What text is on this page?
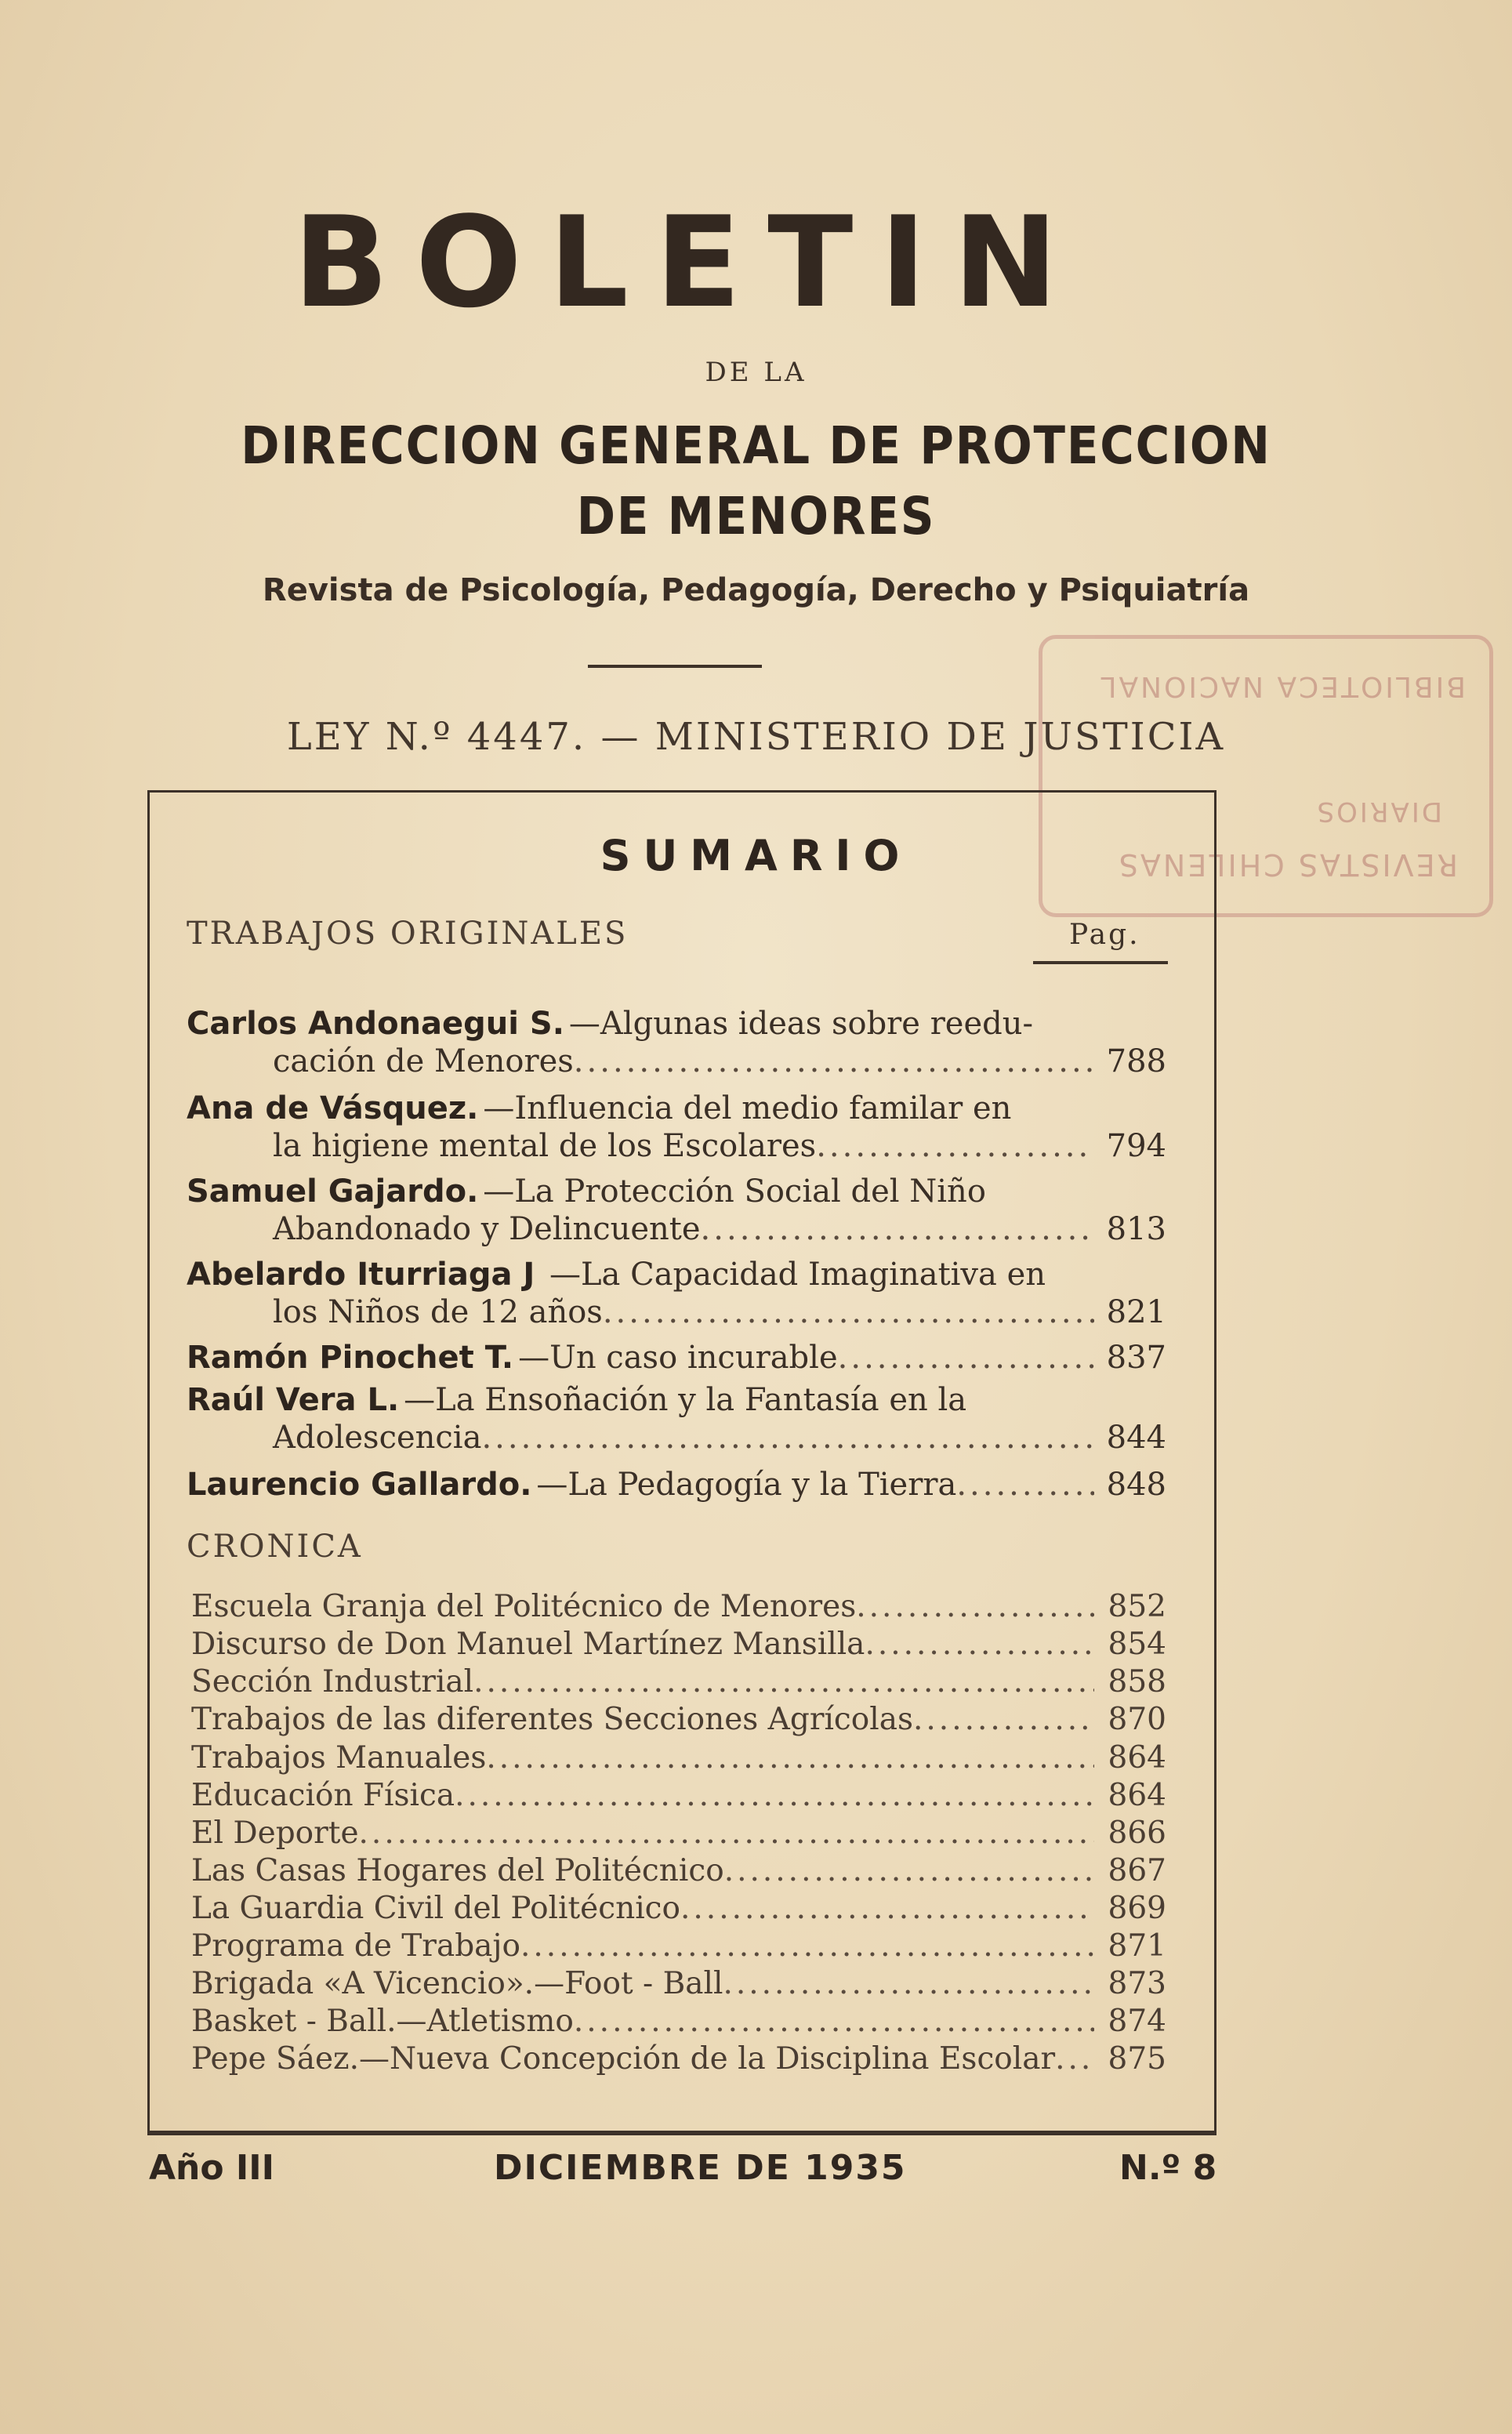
BOLETIN
DE LA
DIRECCION GENERAL DE PROTECCION
DE MENORES
Revista de Psicología, Pedagogía, Derecho y Psiquiatría
LEY N.º 4447. — MINISTERIO DE JUSTICIA
REVISTAS CHILENAS
DIARIOS
BIBLIOTECA NACIONAL
SUMARIO
TRABAJOS ORIGINALES	Pag.
Carlos Andonaegui S. —Algunas ideas sobre reedu-
cación de Menores .....	788
Ana de Vásquez. —Influencia del medio familar en
la higiene mental de los Escolares .....	794
Samuel Gajardo. —La Protección Social del Niño
Abandonado y Delincuente .....	813
Abelardo Iturriaga J —La Capacidad Imaginativa en
los Niños de 12 años .....	821
Ramón Pinochet T. —Un caso incurable .....	837
Raúl Vera L. —La Ensoñación y la Fantasía en la
Adolescencia .....	844
Laurencio Gallardo. —La Pedagogía y la Tierra .....	848
CRONICA
Escuela Granja del Politécnico de Menores .....	852
Discurso de Don Manuel Martínez Mansilla .....	854
Sección Industrial .....	858
Trabajos de las diferentes Secciones Agrícolas .....	870
Trabajos Manuales .....	864
Educación Física .....	864
El Deporte .....	866
Las Casas Hogares del Politécnico .....	867
La Guardia Civil del Politécnico .....	869
Programa de Trabajo .....	871
Brigada «A Vicencio».—Foot - Ball .....	873
Basket - Ball.—Atletismo .....	874
Pepe Sáez.—Nueva Concepción de la Disciplina Escolar .....	875
Año III	DICIEMBRE DE 1935	N.º 8
